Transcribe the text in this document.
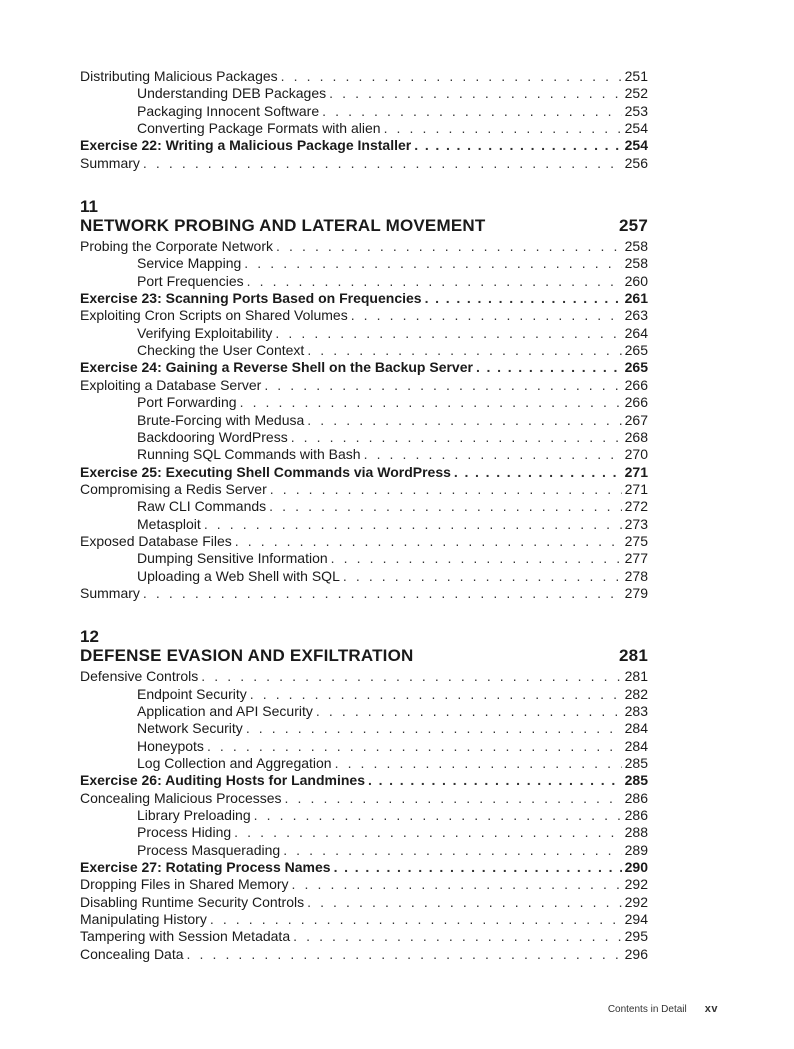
Distributing Malicious Packages . . .	251
Understanding DEB Packages . . .	252
Packaging Innocent Software . . .	253
Converting Package Formats with alien . . .	254
Exercise 22: Writing a Malicious Package Installer . . .	254
Summary . . .	256
11
NETWORK PROBING AND LATERAL MOVEMENT	257
Probing the Corporate Network . . .	258
Service Mapping . . .	258
Port Frequencies . . .	260
Exercise 23: Scanning Ports Based on Frequencies . . .	261
Exploiting Cron Scripts on Shared Volumes . . .	263
Verifying Exploitability . . .	264
Checking the User Context . . .	265
Exercise 24: Gaining a Reverse Shell on the Backup Server . . .	265
Exploiting a Database Server . . .	266
Port Forwarding . . .	266
Brute-Forcing with Medusa . . .	267
Backdooring WordPress . . .	268
Running SQL Commands with Bash . . .	270
Exercise 25: Executing Shell Commands via WordPress . . .	271
Compromising a Redis Server . . .	271
Raw CLI Commands . . .	272
Metasploit . . .	273
Exposed Database Files . . .	275
Dumping Sensitive Information . . .	277
Uploading a Web Shell with SQL . . .	278
Summary . . .	279
12
DEFENSE EVASION AND EXFILTRATION	281
Defensive Controls . . .	281
Endpoint Security . . .	282
Application and API Security . . .	283
Network Security . . .	284
Honeypots . . .	284
Log Collection and Aggregation . . .	285
Exercise 26: Auditing Hosts for Landmines . . .	285
Concealing Malicious Processes . . .	286
Library Preloading . . .	286
Process Hiding . . .	288
Process Masquerading . . .	289
Exercise 27: Rotating Process Names . . .	290
Dropping Files in Shared Memory . . .	292
Disabling Runtime Security Controls . . .	292
Manipulating History . . .	294
Tampering with Session Metadata . . .	295
Concealing Data . . .	296
Contents in Detail xv
